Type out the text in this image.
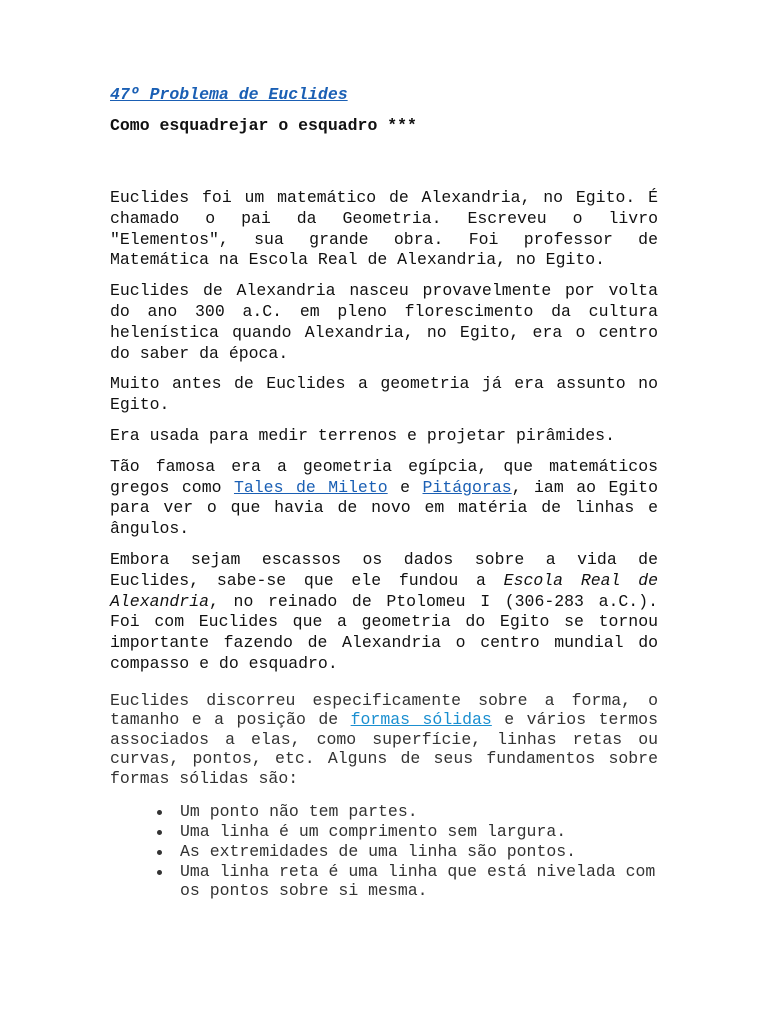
47º Problema de Euclides

Como esquadrejar o esquadro ***

Euclides foi um matemático de Alexandria, no Egito. É chamado o pai da Geometria. Escreveu o livro "Elementos", sua grande obra. Foi professor de Matemática na Escola Real de Alexandria, no Egito.

Euclides de Alexandria nasceu provavelmente por volta do ano 300 a.C. em pleno florescimento da cultura helenística quando Alexandria, no Egito, era o centro do saber da época.

Muito antes de Euclides a geometria já era assunto no Egito.

Era usada para medir terrenos e projetar pirâmides.

Tão famosa era a geometria egípcia, que matemáticos gregos como Tales de Mileto e Pitágoras, iam ao Egito para ver o que havia de novo em matéria de linhas e ângulos.

Embora sejam escassos os dados sobre a vida de Euclides, sabe-se que ele fundou a Escola Real de Alexandria, no reinado de Ptolomeu I (306-283 a.C.). Foi com Euclides que a geometria do Egito se tornou importante fazendo de Alexandria o centro mundial do compasso e do esquadro.

Euclides discorreu especificamente sobre a forma, o tamanho e a posição de formas sólidas e vários termos associados a elas, como superfície, linhas retas ou curvas, pontos, etc. Alguns de seus fundamentos sobre formas sólidas são:

Um ponto não tem partes.
Uma linha é um comprimento sem largura.
As extremidades de uma linha são pontos.
Uma linha reta é uma linha que está nivelada com os pontos sobre si mesma.
